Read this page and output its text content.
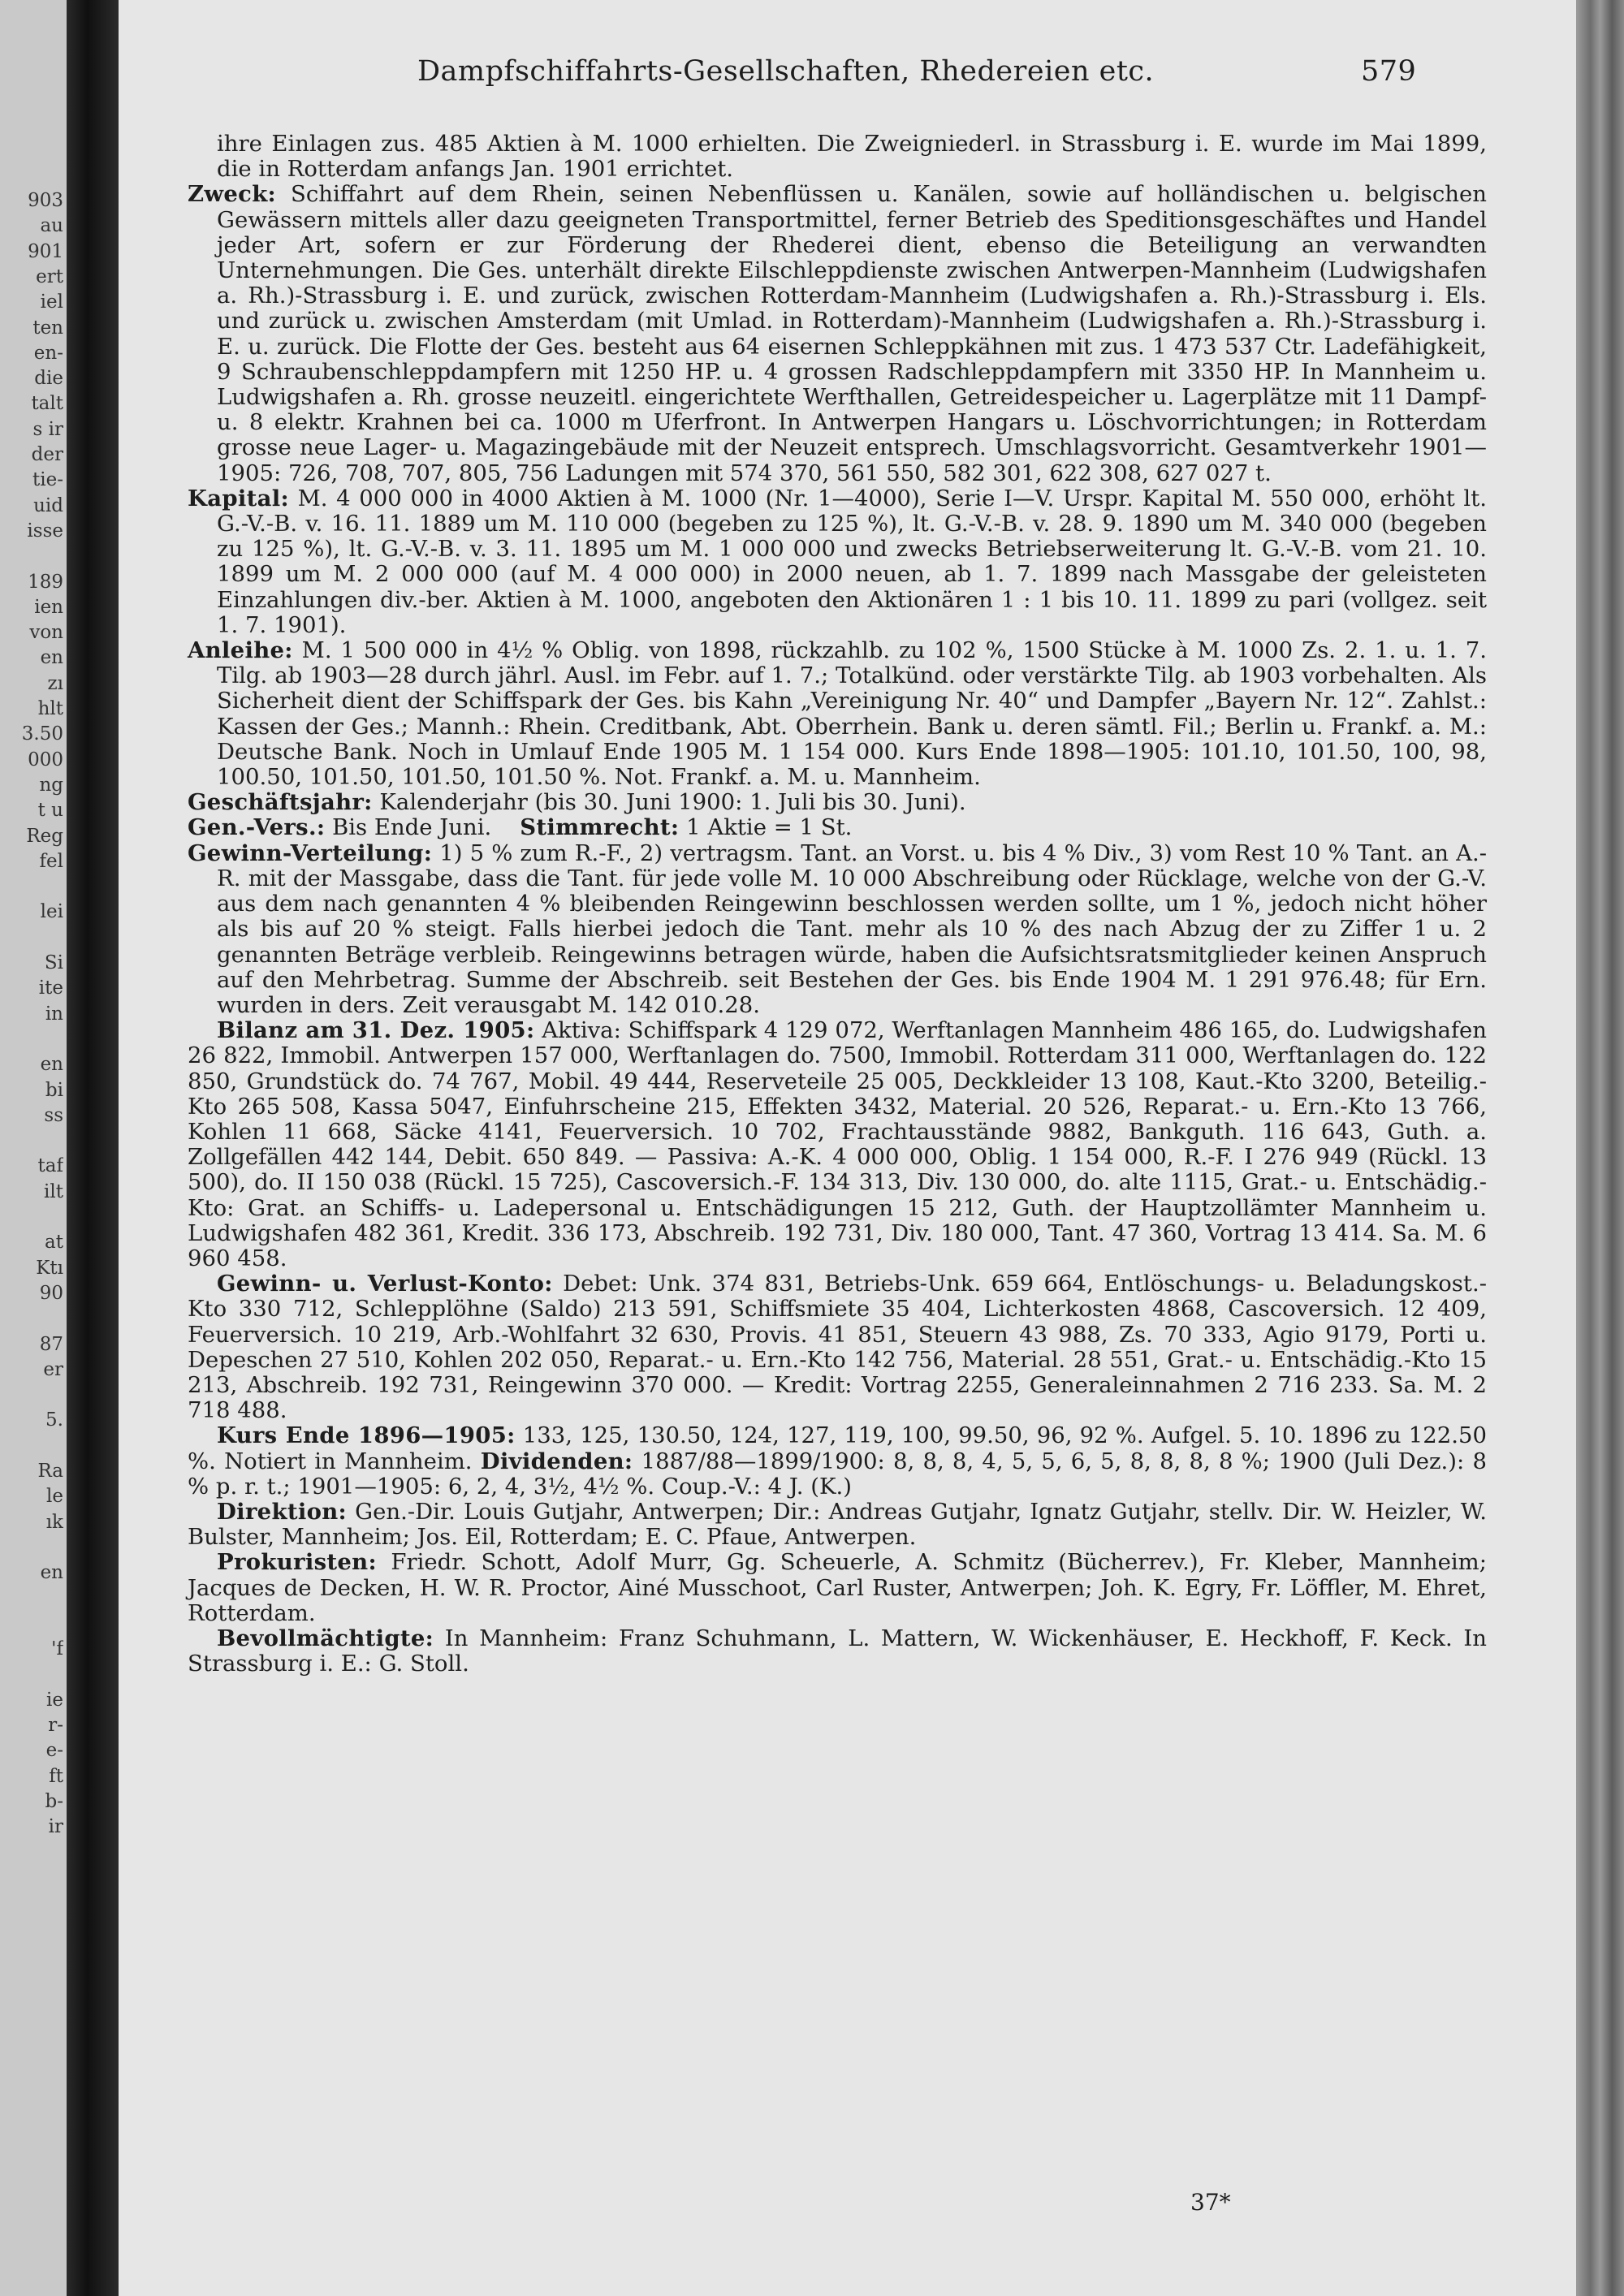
903
au
901
ert
iel
ten
en-
die
talt
s ir
der
tie-
uid
isse
189
ien
von
en
zı
hlt
3.50
000
ng
t u
Reg
fel
lei
Si
ite
in
en
bi
ss
taf
ilt
at
Ktı
90
87
er
5.
Ra
le
ık
en
'f
ie
r-
e-
ft
b-
ir
Dampfschiffahrts-Gesellschaften, Rhedereien etc.	579

ihre Einlagen zus. 485 Aktien à M. 1000 erhielten. Die Zweigniederl. in Strassburg i. E. wurde im Mai 1899, die in Rotterdam anfangs Jan. 1901 errichtet.

Zweck: Schiffahrt auf dem Rhein, seinen Nebenflüssen u. Kanälen, sowie auf holländischen u. belgischen Gewässern mittels aller dazu geeigneten Transportmittel, ferner Betrieb des Speditionsgeschäftes und Handel jeder Art, sofern er zur Förderung der Rhederei dient, ebenso die Beteiligung an verwandten Unternehmungen. Die Ges. unterhält direkte Eilschleppdienste zwischen Antwerpen-Mannheim (Ludwigshafen a. Rh.)-Strassburg i. E. und zurück, zwischen Rotterdam-Mannheim (Ludwigshafen a. Rh.)-Strassburg i. Els. und zurück u. zwischen Amsterdam (mit Umlad. in Rotterdam)-Mannheim (Ludwigshafen a. Rh.)-Strassburg i. E. u. zurück. Die Flotte der Ges. besteht aus 64 eisernen Schleppkähnen mit zus. 1 473 537 Ctr. Ladefähigkeit, 9 Schraubenschleppdampfern mit 1250 HP. u. 4 grossen Radschleppdampfern mit 3350 HP. In Mannheim u. Ludwigshafen a. Rh. grosse neuzeitl. eingerichtete Werfthallen, Getreidespeicher u. Lagerplätze mit 11 Dampf- u. 8 elektr. Krahnen bei ca. 1000 m Uferfront. In Antwerpen Hangars u. Löschvorrichtungen; in Rotterdam grosse neue Lager- u. Magazingebäude mit der Neuzeit entsprech. Umschlagsvorricht. Gesamtverkehr 1901—1905: 726, 708, 707, 805, 756 Ladungen mit 574 370, 561 550, 582 301, 622 308, 627 027 t.

Kapital: M. 4 000 000 in 4000 Aktien à M. 1000 (Nr. 1—4000), Serie I—V. Urspr. Kapital M. 550 000, erhöht lt. G.-V.-B. v. 16. 11. 1889 um M. 110 000 (begeben zu 125 %), lt. G.-V.-B. v. 28. 9. 1890 um M. 340 000 (begeben zu 125 %), lt. G.-V.-B. v. 3. 11. 1895 um M. 1 000 000 und zwecks Betriebserweiterung lt. G.-V.-B. vom 21. 10. 1899 um M. 2 000 000 (auf M. 4 000 000) in 2000 neuen, ab 1. 7. 1899 nach Massgabe der geleisteten Einzahlungen div.-ber. Aktien à M. 1000, angeboten den Aktionären 1 : 1 bis 10. 11. 1899 zu pari (vollgez. seit 1. 7. 1901).

Anleihe: M. 1 500 000 in 4½ % Oblig. von 1898, rückzahlb. zu 102 %, 1500 Stücke à M. 1000 Zs. 2. 1. u. 1. 7. Tilg. ab 1903—28 durch jährl. Ausl. im Febr. auf 1. 7.; Totalkünd. oder verstärkte Tilg. ab 1903 vorbehalten. Als Sicherheit dient der Schiffspark der Ges. bis Kahn „Vereinigung Nr. 40“ und Dampfer „Bayern Nr. 12“. Zahlst.: Kassen der Ges.; Mannh.: Rhein. Creditbank, Abt. Oberrhein. Bank u. deren sämtl. Fil.; Berlin u. Frankf. a. M.: Deutsche Bank. Noch in Umlauf Ende 1905 M. 1 154 000. Kurs Ende 1898—1905: 101.10, 101.50, 100, 98, 100.50, 101.50, 101.50, 101.50 %. Not. Frankf. a. M. u. Mannheim.

Geschäftsjahr: Kalenderjahr (bis 30. Juni 1900: 1. Juli bis 30. Juni).

Gen.-Vers.: Bis Ende Juni. Stimmrecht: 1 Aktie = 1 St.

Gewinn-Verteilung: 1) 5 % zum R.-F., 2) vertragsm. Tant. an Vorst. u. bis 4 % Div., 3) vom Rest 10 % Tant. an A.-R. mit der Massgabe, dass die Tant. für jede volle M. 10 000 Abschreibung oder Rücklage, welche von der G.-V. aus dem nach genannten 4 % bleibenden Reingewinn beschlossen werden sollte, um 1 %, jedoch nicht höher als bis auf 20 % steigt. Falls hierbei jedoch die Tant. mehr als 10 % des nach Abzug der zu Ziffer 1 u. 2 genannten Beträge verbleib. Reingewinns betragen würde, haben die Aufsichtsratsmitglieder keinen Anspruch auf den Mehrbetrag. Summe der Abschreib. seit Bestehen der Ges. bis Ende 1904 M. 1 291 976.48; für Ern. wurden in ders. Zeit verausgabt M. 142 010.28.

Bilanz am 31. Dez. 1905: Aktiva: Schiffspark 4 129 072, Werftanlagen Mannheim 486 165, do. Ludwigshafen 26 822, Immobil. Antwerpen 157 000, Werftanlagen do. 7500, Immobil. Rotterdam 311 000, Werftanlagen do. 122 850, Grundstück do. 74 767, Mobil. 49 444, Reserveteile 25 005, Deckkleider 13 108, Kaut.-Kto 3200, Beteilig.-Kto 265 508, Kassa 5047, Einfuhrscheine 215, Effekten 3432, Material. 20 526, Reparat.- u. Ern.-Kto 13 766, Kohlen 11 668, Säcke 4141, Feuerversich. 10 702, Frachtausstände 9882, Bankguth. 116 643, Guth. a. Zollgefällen 442 144, Debit. 650 849. — Passiva: A.-K. 4 000 000, Oblig. 1 154 000, R.-F. I 276 949 (Rückl. 13 500), do. II 150 038 (Rückl. 15 725), Cascoversich.-F. 134 313, Div. 130 000, do. alte 1115, Grat.- u. Entschädig.-Kto: Grat. an Schiffs- u. Ladepersonal u. Entschädigungen 15 212, Guth. der Hauptzollämter Mannheim u. Ludwigshafen 482 361, Kredit. 336 173, Abschreib. 192 731, Div. 180 000, Tant. 47 360, Vortrag 13 414. Sa. M. 6 960 458.

Gewinn- u. Verlust-Konto: Debet: Unk. 374 831, Betriebs-Unk. 659 664, Entlöschungs- u. Beladungskost.-Kto 330 712, Schlepplöhne (Saldo) 213 591, Schiffsmiete 35 404, Lichterkosten 4868, Cascoversich. 12 409, Feuerversich. 10 219, Arb.-Wohlfahrt 32 630, Provis. 41 851, Steuern 43 988, Zs. 70 333, Agio 9179, Porti u. Depeschen 27 510, Kohlen 202 050, Reparat.- u. Ern.-Kto 142 756, Material. 28 551, Grat.- u. Entschädig.-Kto 15 213, Abschreib. 192 731, Reingewinn 370 000. — Kredit: Vortrag 2255, Generaleinnahmen 2 716 233. Sa. M. 2 718 488.

Kurs Ende 1896—1905: 133, 125, 130.50, 124, 127, 119, 100, 99.50, 96, 92 %. Aufgel. 5. 10. 1896 zu 122.50 %. Notiert in Mannheim. Dividenden: 1887/88—1899/1900: 8, 8, 8, 4, 5, 5, 6, 5, 8, 8, 8, 8 %; 1900 (Juli Dez.): 8 % p. r. t.; 1901—1905: 6, 2, 4, 3½, 4½ %. Coup.-V.: 4 J. (K.)

Direktion: Gen.-Dir. Louis Gutjahr, Antwerpen; Dir.: Andreas Gutjahr, Ignatz Gutjahr, stellv. Dir. W. Heizler, W. Bulster, Mannheim; Jos. Eil, Rotterdam; E. C. Pfaue, Antwerpen.

Prokuristen: Friedr. Schott, Adolf Murr, Gg. Scheuerle, A. Schmitz (Bücherrev.), Fr. Kleber, Mannheim; Jacques de Decken, H. W. R. Proctor, Ainé Musschoot, Carl Ruster, Antwerpen; Joh. K. Egry, Fr. Löffler, M. Ehret, Rotterdam.

Bevollmächtigte: In Mannheim: Franz Schuhmann, L. Mattern, W. Wickenhäuser, E. Heckhoff, F. Keck. In Strassburg i. E.: G. Stoll.

37*
